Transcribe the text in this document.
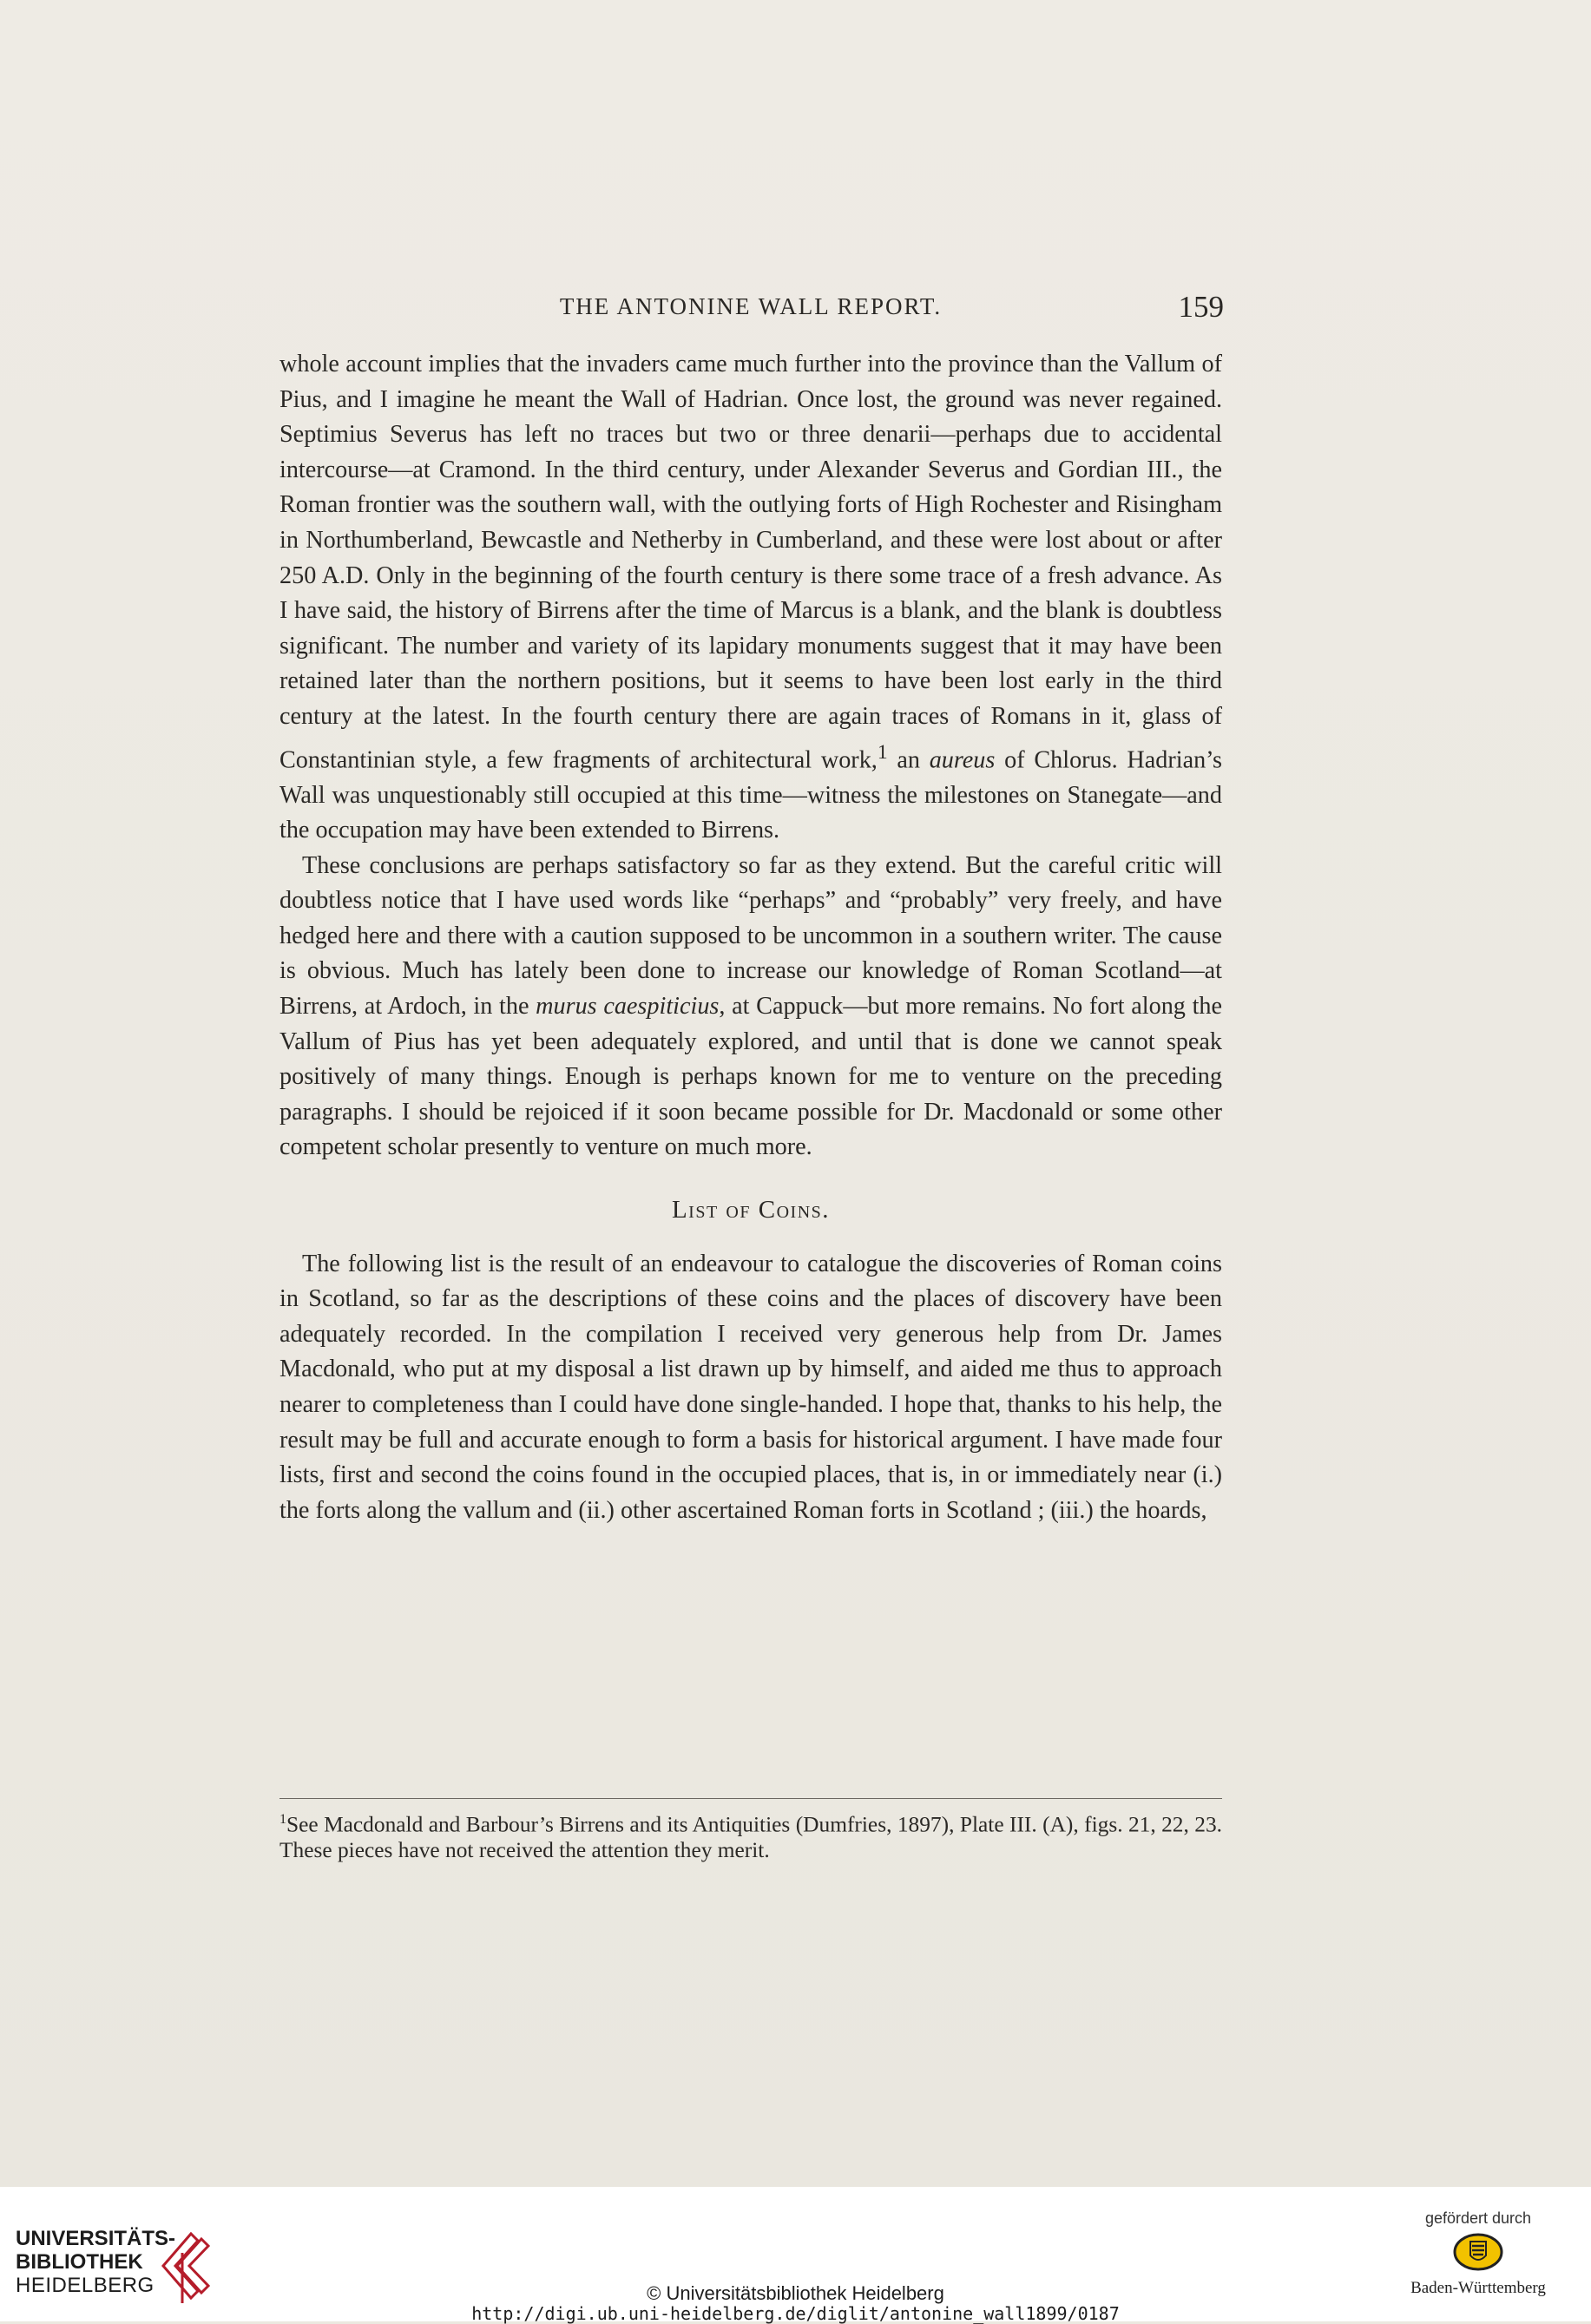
THE ANTONINE WALL REPORT.	159

whole account implies that the invaders came much further into the province than the Vallum of Pius, and I imagine he meant the Wall of Hadrian. Once lost, the ground was never regained. Septimius Severus has left no traces but two or three denarii—perhaps due to accidental intercourse—at Cramond. In the third century, under Alexander Severus and Gordian III., the Roman frontier was the southern wall, with the outlying forts of High Rochester and Risingham in Northumberland, Bewcastle and Netherby in Cumberland, and these were lost about or after 250 A.D. Only in the beginning of the fourth century is there some trace of a fresh advance. As I have said, the history of Birrens after the time of Marcus is a blank, and the blank is doubtless significant. The number and variety of its lapidary monuments suggest that it may have been retained later than the northern positions, but it seems to have been lost early in the third century at the latest. In the fourth century there are again traces of Romans in it, glass of Constantinian style, a few fragments of architectural work,$^1$ an aureus of Chlorus. Hadrian’s Wall was unquestionably still occupied at this time—witness the milestones on Stanegate—and the occupation may have been extended to Birrens.

These conclusions are perhaps satisfactory so far as they extend. But the careful critic will doubtless notice that I have used words like “perhaps” and “probably” very freely, and have hedged here and there with a caution supposed to be uncommon in a southern writer. The cause is obvious. Much has lately been done to increase our knowledge of Roman Scotland—at Birrens, at Ardoch, in the murus caespiticius, at Cappuck—but more remains. No fort along the Vallum of Pius has yet been adequately explored, and until that is done we cannot speak positively of many things. Enough is perhaps known for me to venture on the preceding paragraphs. I should be rejoiced if it soon became possible for Dr. Macdonald or some other competent scholar presently to venture on much more.

List of Coins.

The following list is the result of an endeavour to catalogue the discoveries of Roman coins in Scotland, so far as the descriptions of these coins and the places of discovery have been adequately recorded. In the compilation I received very generous help from Dr. James Macdonald, who put at my disposal a list drawn up by himself, and aided me thus to approach nearer to completeness than I could have done single-handed. I hope that, thanks to his help, the result may be full and accurate enough to form a basis for historical argument. I have made four lists, first and second the coins found in the occupied places, that is, in or immediately near (i.) the forts along the vallum and (ii.) other ascertained Roman forts in Scotland ; (iii.) the hoards,

$^1$See Macdonald and Barbour’s Birrens and its Antiquities (Dumfries, 1897), Plate III. (A), figs. 21, 22, 23. These pieces have not received the attention they merit.
UNIVERSITÄTS-
BIBLIOTHEK
HEIDELBERG	© Universitätsbibliothek Heidelberg
http://digi.ub.uni-heidelberg.de/diglit/antonine_wall1899/0187
gefördert durch
Baden-Württemberg
